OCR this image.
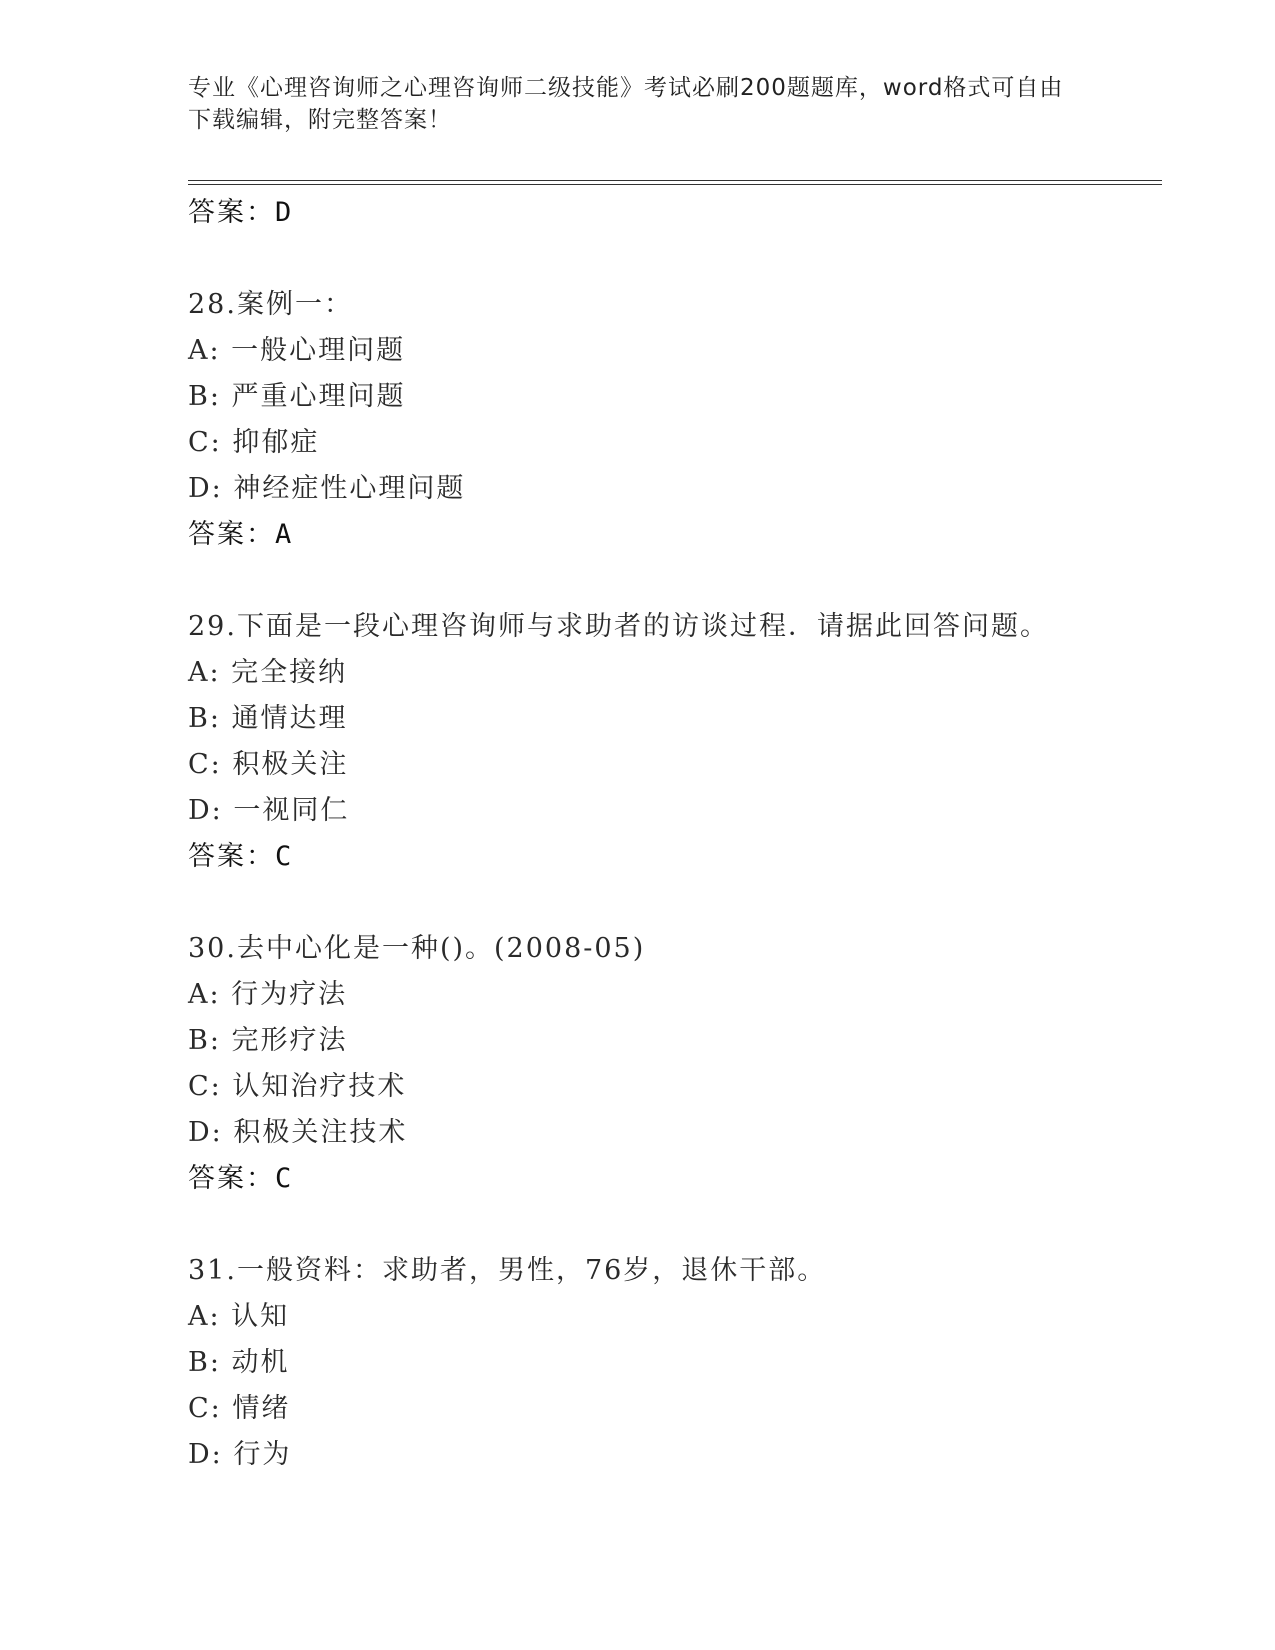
专业《心理咨询师之心理咨询师二级技能》考试必刷200题题库，word格式可自由下载编辑，附完整答案！
答案：D
28.案例一：
A: 一般心理问题
B: 严重心理问题
C: 抑郁症
D: 神经症性心理问题
答案：A
29.下面是一段心理咨询师与求助者的访谈过程．请据此回答问题。
A: 完全接纳
B: 通情达理
C: 积极关注
D: 一视同仁
答案：C
30.去中心化是一种()。(2008-05)
A: 行为疗法
B: 完形疗法
C: 认知治疗技术
D: 积极关注技术
答案：C
31.一般资料：求助者，男性，76岁，退休干部。
A: 认知
B: 动机
C: 情绪
D: 行为
